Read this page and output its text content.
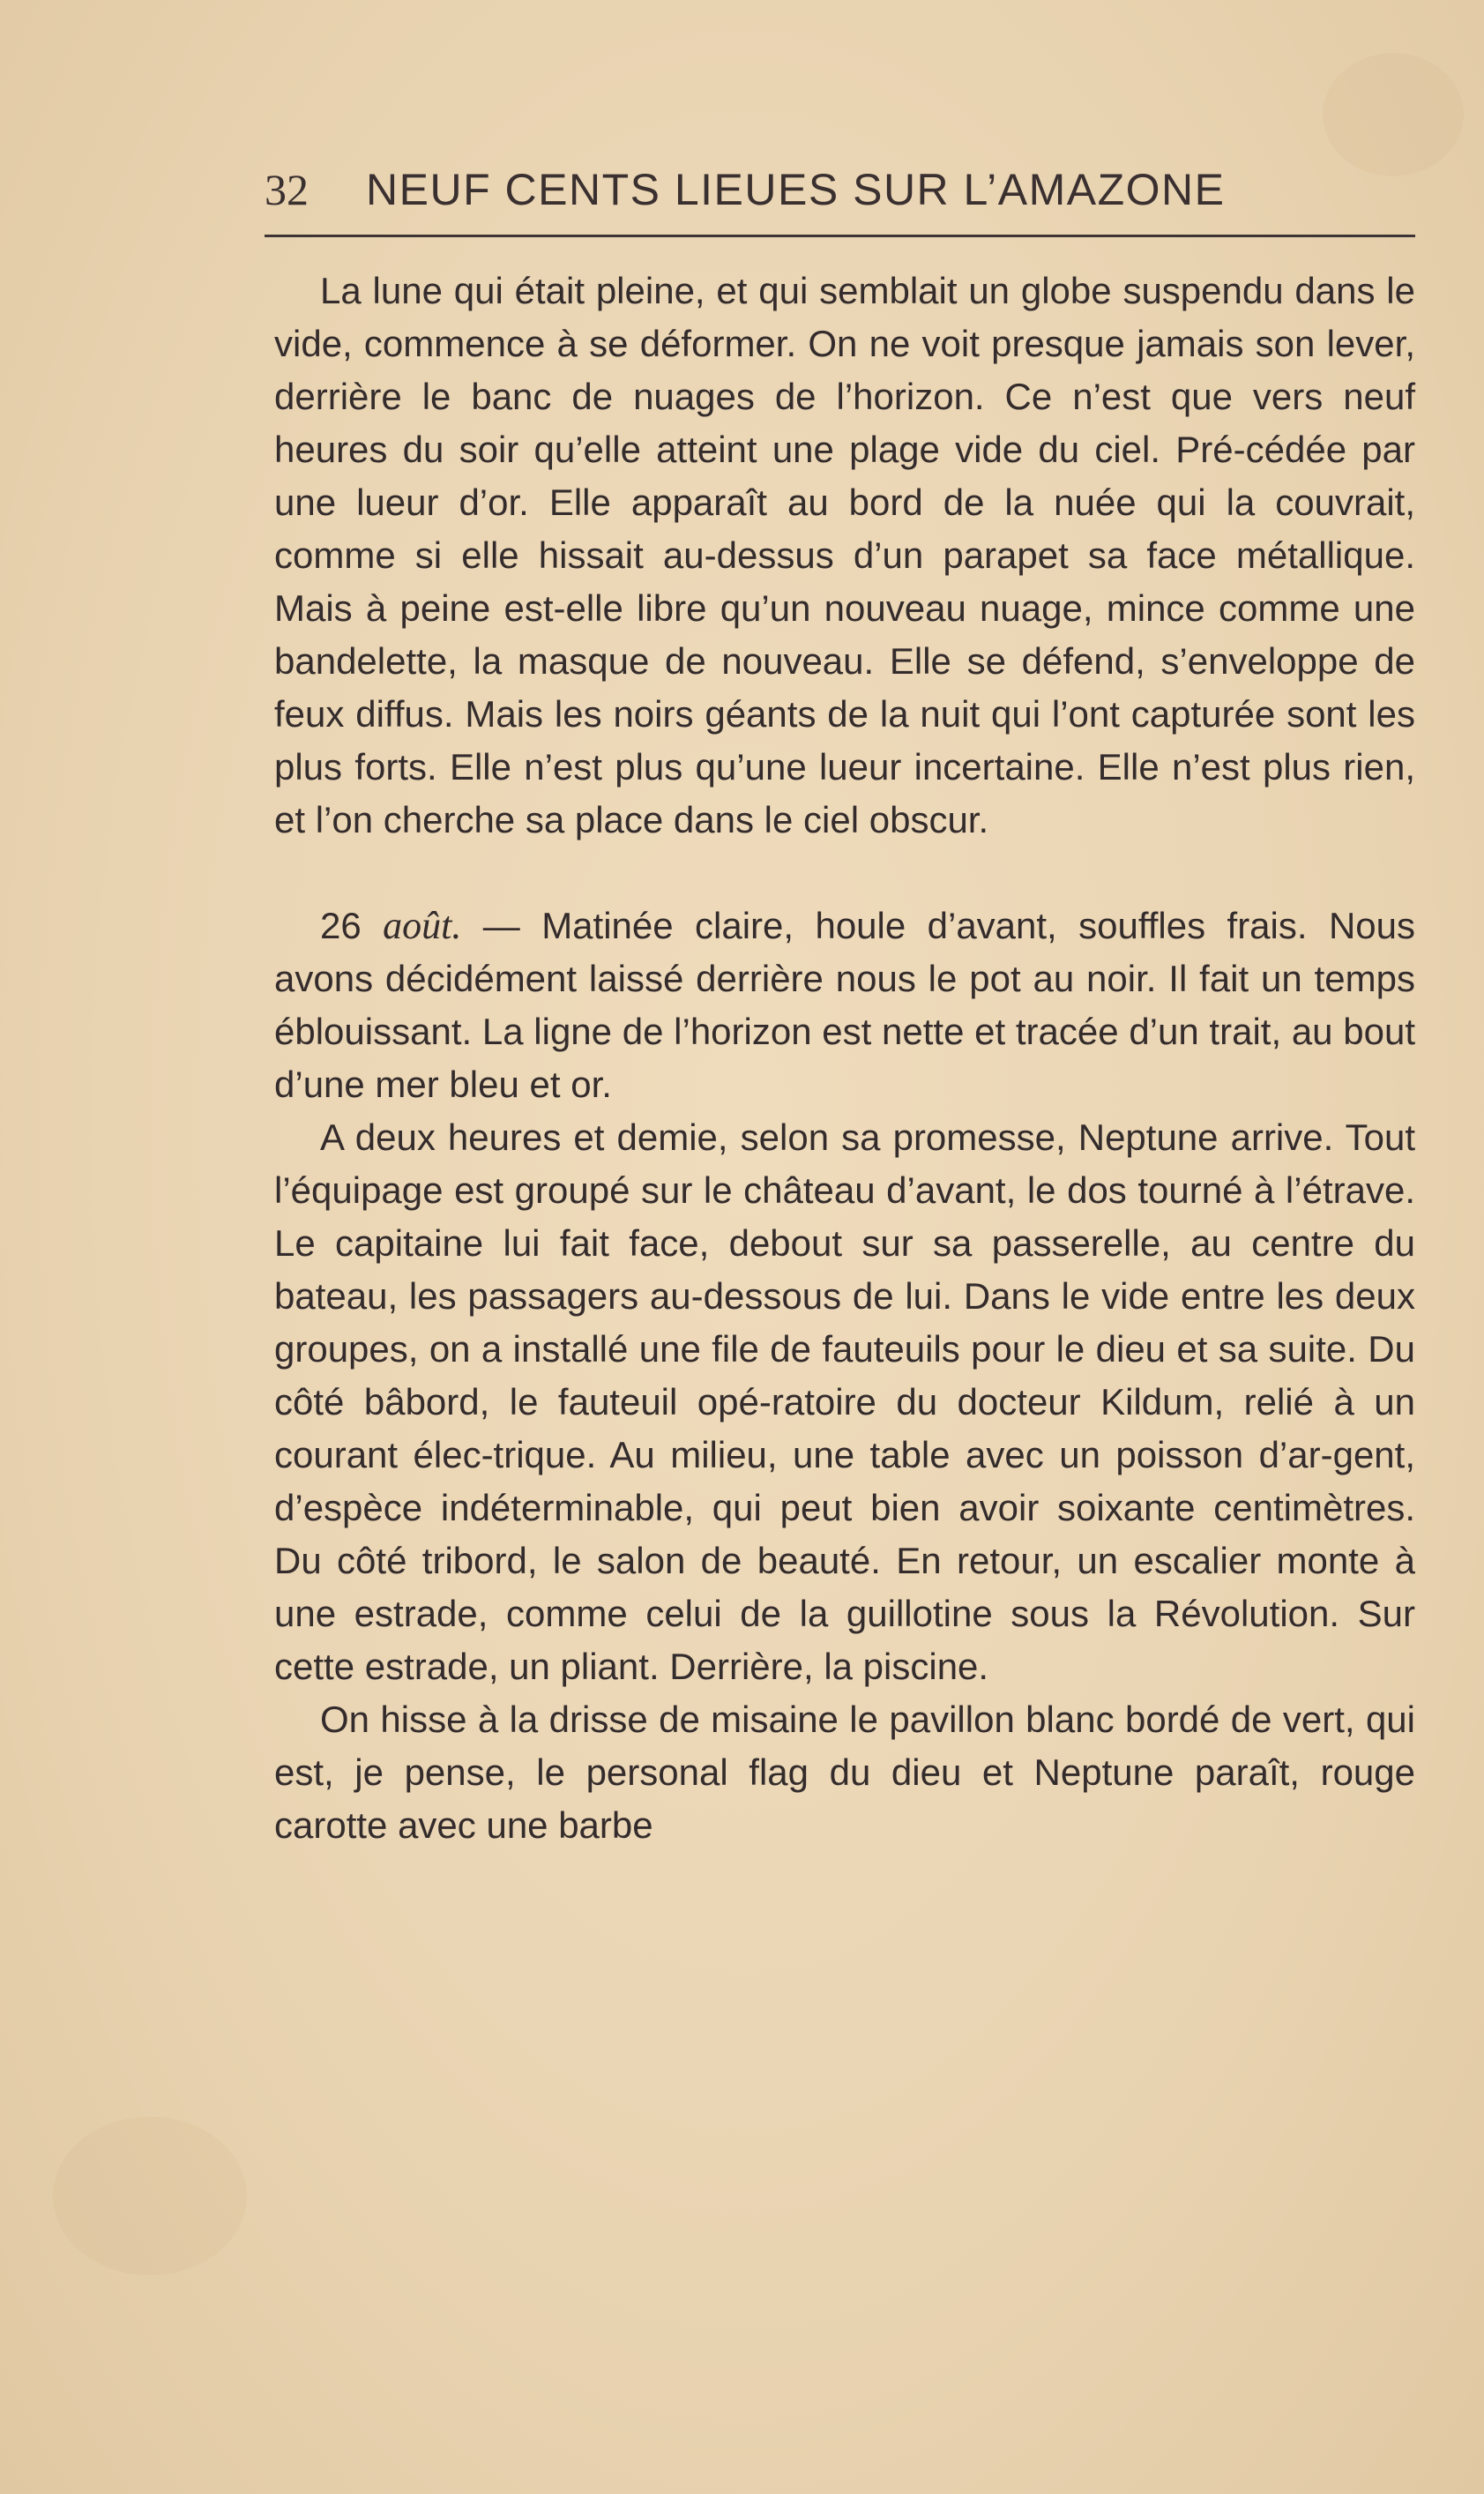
32 NEUF CENTS LIEUES SUR L’AMAZONE

La lune qui était pleine, et qui semblait un globe suspendu dans le vide, commence à se déformer. On ne voit presque jamais son lever, derrière le banc de nuages de l’horizon. Ce n’est que vers neuf heures du soir qu’elle atteint une plage vide du ciel. Pré-cédée par une lueur d’or. Elle apparaît au bord de la nuée qui la couvrait, comme si elle hissait au-dessus d’un parapet sa face métallique. Mais à peine est-elle libre qu’un nouveau nuage, mince comme une bandelette, la masque de nouveau. Elle se défend, s’enveloppe de feux diffus. Mais les noirs géants de la nuit qui l’ont capturée sont les plus forts. Elle n’est plus qu’une lueur incertaine. Elle n’est plus rien, et l’on cherche sa place dans le ciel obscur.

26 août. — Matinée claire, houle d’avant, souffles frais. Nous avons décidément laissé derrière nous le pot au noir. Il fait un temps éblouissant. La ligne de l’horizon est nette et tracée d’un trait, au bout d’une mer bleu et or.

A deux heures et demie, selon sa promesse, Neptune arrive. Tout l’équipage est groupé sur le château d’avant, le dos tourné à l’étrave. Le capitaine lui fait face, debout sur sa passerelle, au centre du bateau, les passagers au-dessous de lui. Dans le vide entre les deux groupes, on a installé une file de fauteuils pour le dieu et sa suite. Du côté bâbord, le fauteuil opé-ratoire du docteur Kildum, relié à un courant élec-trique. Au milieu, une table avec un poisson d’ar-gent, d’espèce indéterminable, qui peut bien avoir soixante centimètres. Du côté tribord, le salon de beauté. En retour, un escalier monte à une estrade, comme celui de la guillotine sous la Révolution. Sur cette estrade, un pliant. Derrière, la piscine.

On hisse à la drisse de misaine le pavillon blanc bordé de vert, qui est, je pense, le personal flag du dieu et Neptune paraît, rouge carotte avec une barbe
